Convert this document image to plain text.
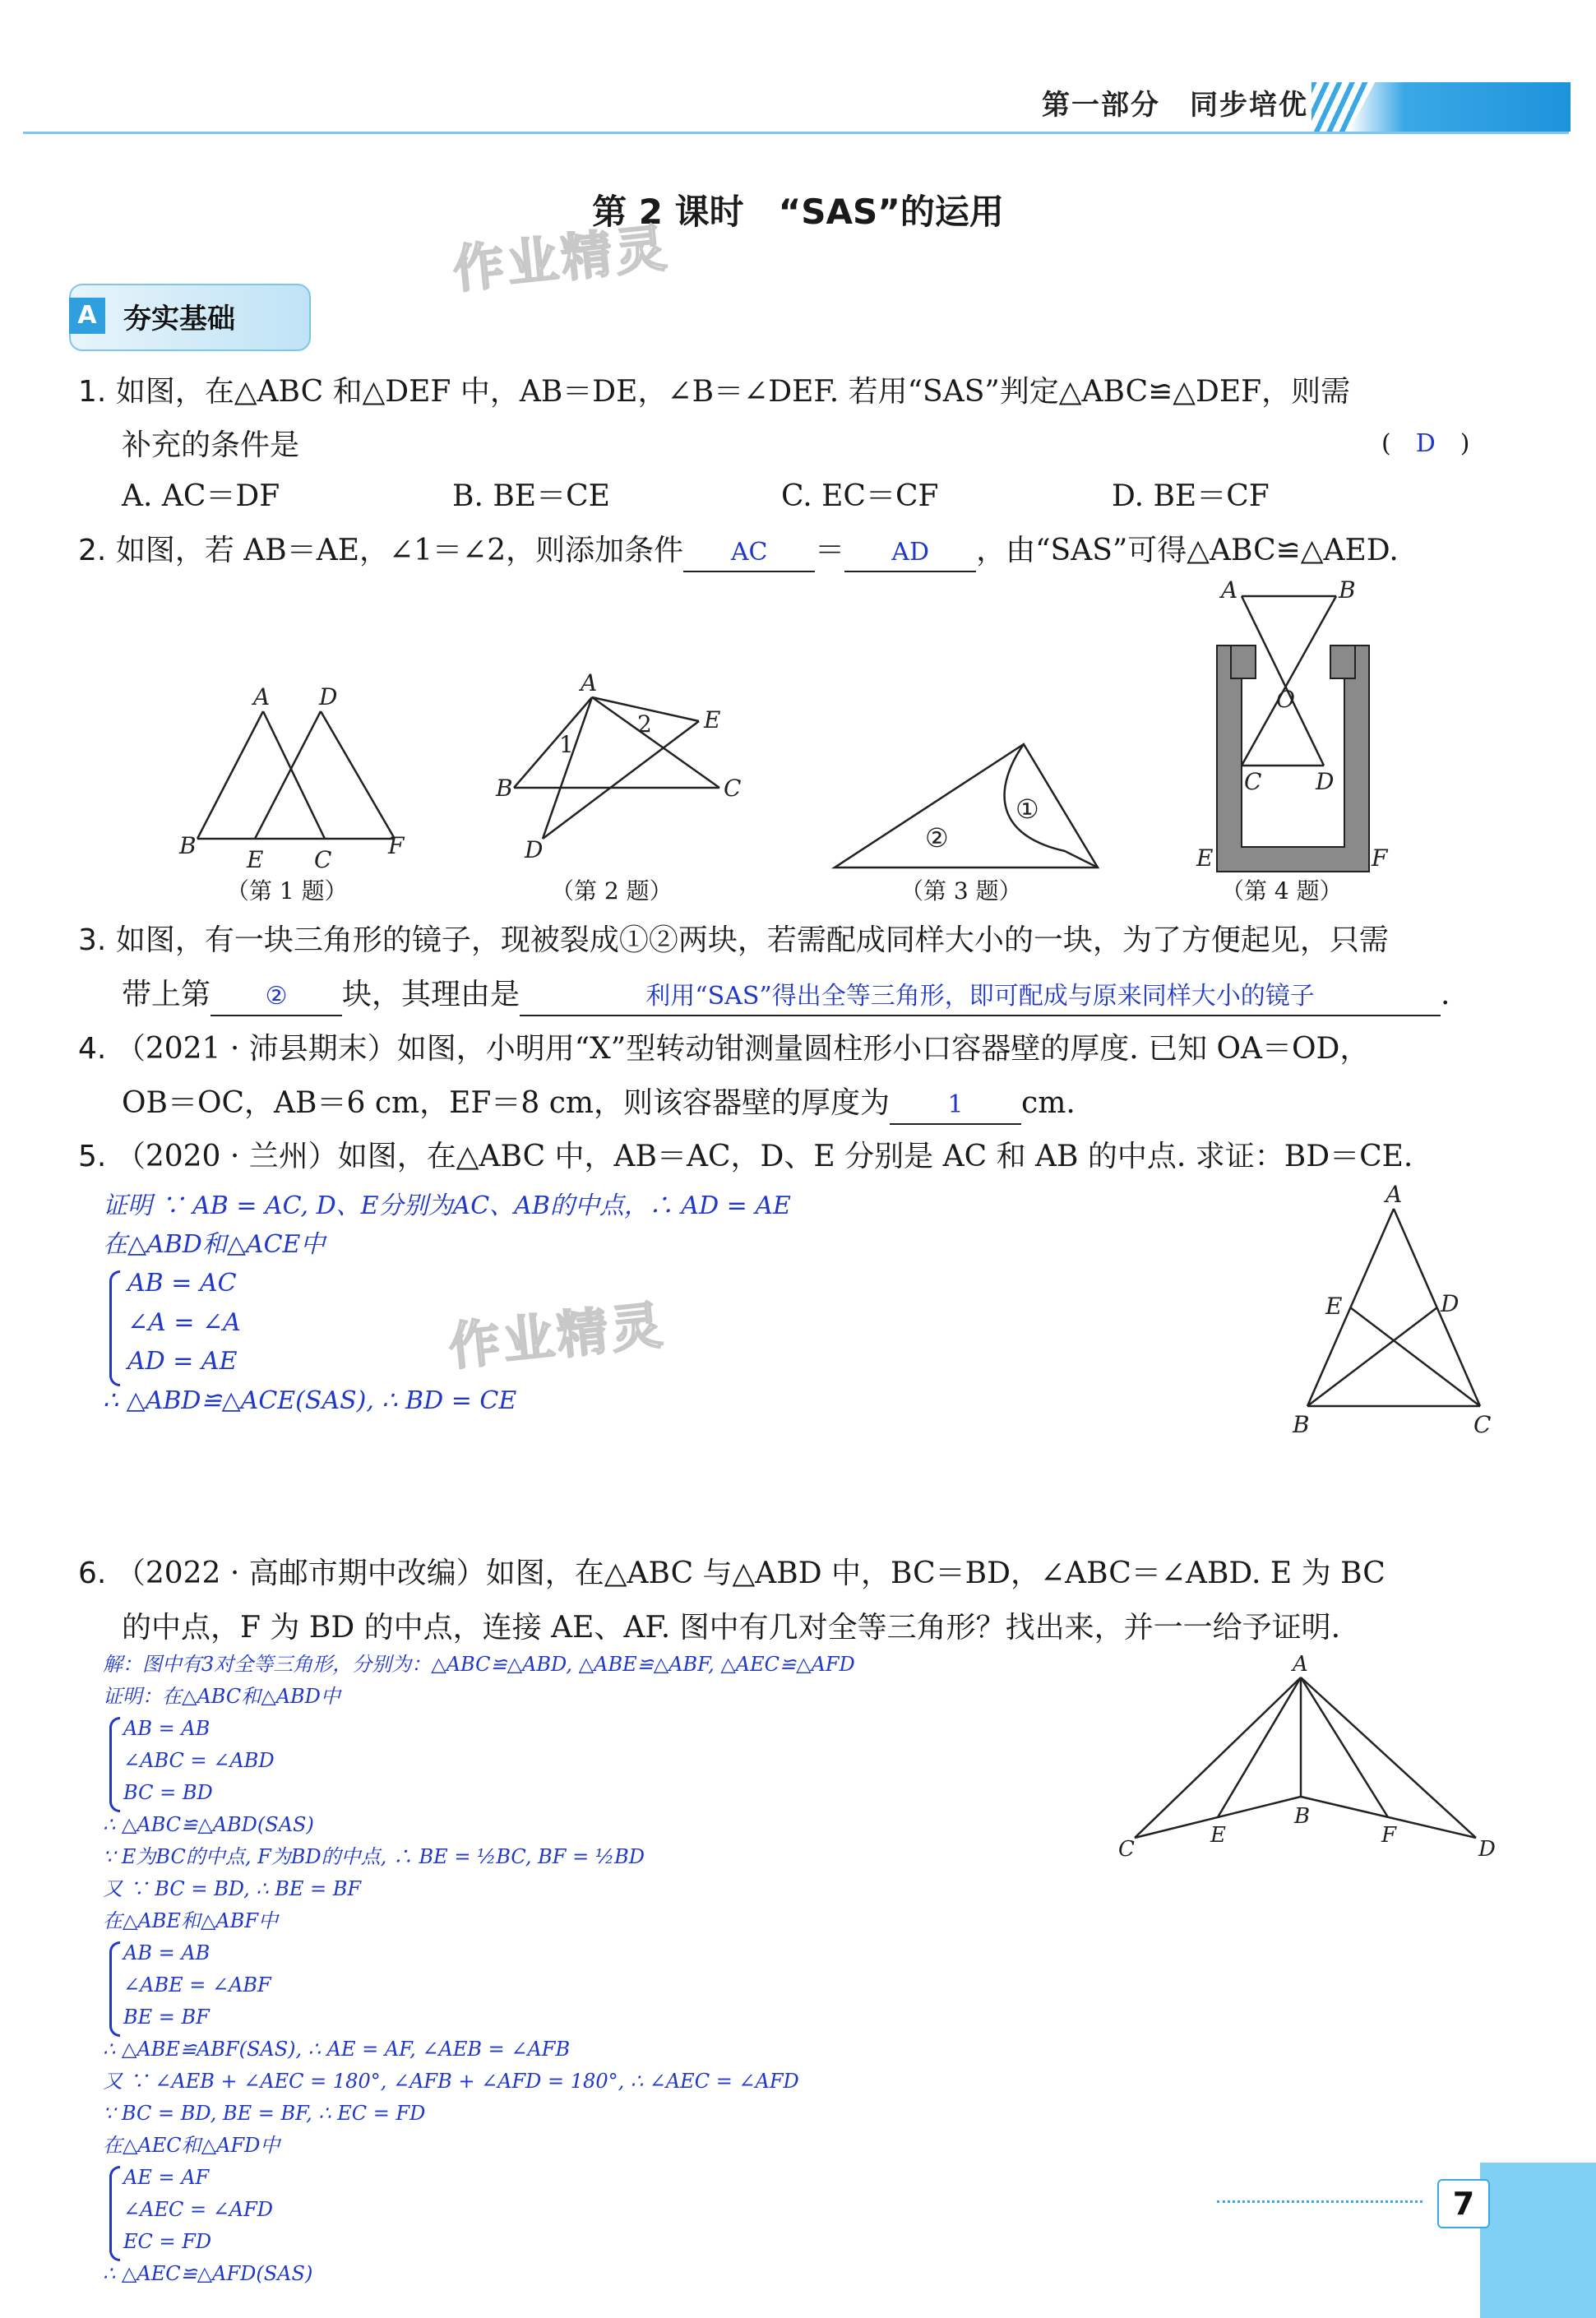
第一部分　同步培优
第 2 课时　“SAS”的运用
作业精灵
A 夯实基础
1. 如图，在△ABC 和△DEF 中，AB＝DE，∠B＝∠DEF. 若用“SAS”判定△ABC≌△DEF，则需
补充的条件是	(　D　)
A. AC＝DF	B. BE＝CE	C. EC＝CF	D. BE＝CF
2. 如图，若 AB＝AE，∠1＝∠2，则添加条件 AC ＝ AD ，由“SAS”可得△ABC≌△AED.
A D
B
E C
F
A
E
B	C
D
1
2
①
②
A	B
O
C D
E	F
（第 1 题）	（第 2 题）	（第 3 题）	（第 4 题）
3. 如图，有一块三角形的镜子，现被裂成①②两块，若需配成同样大小的一块，为了方便起见，只需
带上第 ② 块，其理由是	利用“SAS”得出全等三角形，即可配成与原来同样大小的镜子	.
4. （2021 · 沛县期末）如图，小明用“X”型转动钳测量圆柱形小口容器壁的厚度. 已知 OA＝OD，
OB＝OC，AB＝6 cm，EF＝8 cm，则该容器壁的厚度为 1 cm.
5. （2020 · 兰州）如图，在△ABC 中，AB＝AC，D、E 分别是 AC 和 AB 的中点. 求证：BD＝CE.
证明 ∵ AB = AC, D、E分别为AC、AB的中点，∴ AD = AE
在△ABD和△ACE中
AB = AC
∠A = ∠A
AD = AE
∴ △ABD≌△ACE(SAS), ∴ BD = CE
作业精灵
A
E	D
B	C
6. （2022 · 高邮市期中改编）如图，在△ABC 与△ABD 中，BC＝BD，∠ABC＝∠ABD. E 为 BC
的中点，F 为 BD 的中点，连接 AE、AF. 图中有几对全等三角形？找出来，并一一给予证明.
解：图中有3对全等三角形，分别为：△ABC≌△ABD, △ABE≌△ABF, △AEC≌△AFD
证明：在△ABC和△ABD中
AB = AB
∠ABC = ∠ABD
BC = BD
∴ △ABC≌△ABD(SAS)
∵ E为BC的中点, F为BD的中点, ∴ BE = ½BC, BF = ½BD
又 ∵ BC = BD, ∴ BE = BF
在△ABE和△ABF中
AB = AB
∠ABE = ∠ABF
BE = BF
∴ △ABE≌ABF(SAS), ∴ AE = AF, ∠AEB = ∠AFB
又 ∵ ∠AEB + ∠AEC = 180°, ∠AFB + ∠AFD = 180°, ∴ ∠AEC = ∠AFD
∵ BC = BD, BE = BF, ∴ EC = FD
在△AEC和△AFD中
AE = AF
∠AEC = ∠AFD
EC = FD
∴ △AEC≌△AFD(SAS)
A
B
C
E	F
D
7
